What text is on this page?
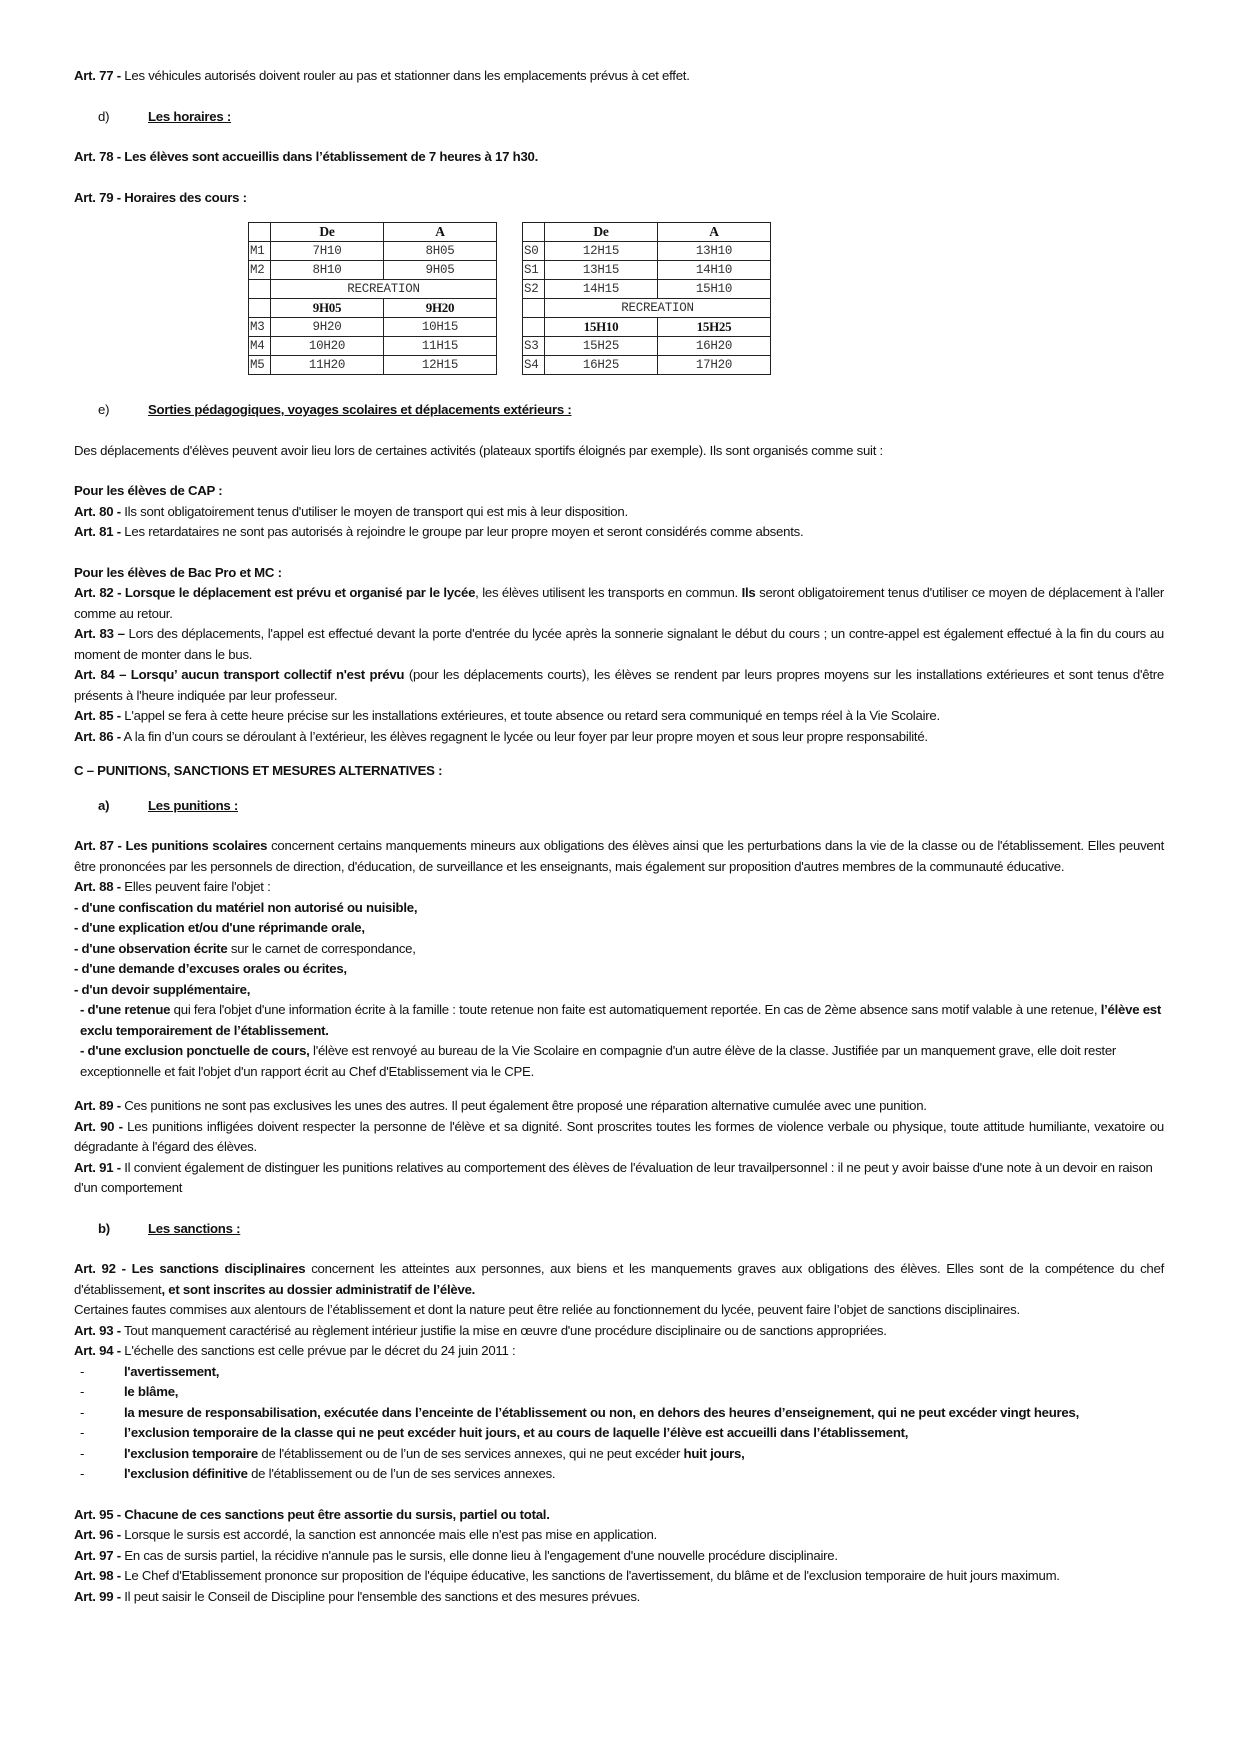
Art. 77 - Les véhicules autorisés doivent rouler au pas et stationner dans les emplacements prévus à cet effet.

d)	Les horaires :

Art. 78 - Les élèves sont accueillis dans l’établissement de 7 heures à 17 h30.

Art. 79 - Horaires des cours :

	De	A
M1	7H10	8H05
M2	8H10	9H05
	RECREATION	
	9H05	9H20
M3	9H20	10H15
M4	10H20	11H15
M5	11H20	12H15
	De	A
S0	12H15	13H10
S1	13H15	14H10
S2	14H15	15H10
	RECREATION	
	15H10	15H25
S3	15H25	16H20
S4	16H25	17H20

e)	Sorties pédagogiques, voyages scolaires et déplacements extérieurs :

Des déplacements d'élèves peuvent avoir lieu lors de certaines activités (plateaux sportifs éloignés par exemple). Ils sont organisés comme suit :

Pour les élèves de CAP :

Art. 80 - Ils sont obligatoirement tenus d'utiliser le moyen de transport qui est mis à leur disposition.

Art. 81 - Les retardataires ne sont pas autorisés à rejoindre le groupe par leur propre moyen et seront considérés comme absents.

Pour les élèves de Bac Pro et MC :

Art. 82 - Lorsque le déplacement est prévu et organisé par le lycée, les élèves utilisent les transports en commun. Ils seront obligatoirement tenus d'utiliser ce moyen de déplacement à l'aller comme au retour.

Art. 83 – Lors des déplacements, l'appel est effectué devant la porte d'entrée du lycée après la sonnerie signalant le début du cours ; un contre-appel est également effectué à la fin du cours au moment de monter dans le bus.

Art. 84 – Lorsqu’ aucun transport collectif n'est prévu (pour les déplacements courts), les élèves se rendent par leurs propres moyens sur les installations extérieures et sont tenus d'être présents à l'heure indiquée par leur professeur.

Art. 85 - L'appel se fera à cette heure précise sur les installations extérieures, et toute absence ou retard sera communiqué en temps réel à la Vie Scolaire.

Art. 86 - A la fin d’un cours se déroulant à l’extérieur, les élèves regagnent le lycée ou leur foyer par leur propre moyen et sous leur propre responsabilité.

C – PUNITIONS, SANCTIONS ET MESURES ALTERNATIVES :

a)	Les punitions :

Art. 87 - Les punitions scolaires concernent certains manquements mineurs aux obligations des élèves ainsi que les perturbations dans la vie de la classe ou de l'établissement. Elles peuvent être prononcées par les personnels de direction, d'éducation, de surveillance et les enseignants, mais également sur proposition d'autres membres de la communauté éducative.

Art. 88 - Elles peuvent faire l'objet :

- d'une confiscation du matériel non autorisé ou nuisible,
- d'une explication et/ou d'une réprimande orale,
- d'une observation écrite sur le carnet de correspondance,
- d'une demande d’excuses orales ou écrites,
- d'un devoir supplémentaire,

- d'une retenue qui fera l'objet d'une information écrite à la famille : toute retenue non faite est automatiquement reportée. En cas de 2ème absence sans motif valable à une retenue, l’élève est exclu temporairement de l’établissement.

- d'une exclusion ponctuelle de cours, l'élève est renvoyé au bureau de la Vie Scolaire en compagnie d'un autre élève de la classe. Justifiée par un manquement grave, elle doit rester exceptionnelle et fait l'objet d'un rapport écrit au Chef d'Etablissement via le CPE.

Art. 89 - Ces punitions ne sont pas exclusives les unes des autres. Il peut également être proposé une réparation alternative cumulée avec une punition.

Art. 90 - Les punitions infligées doivent respecter la personne de l'élève et sa dignité. Sont proscrites toutes les formes de violence verbale ou physique, toute attitude humiliante, vexatoire ou dégradante à l'égard des élèves.

Art. 91 - Il convient également de distinguer les punitions relatives au comportement des élèves de l'évaluation de leur travailpersonnel : il ne peut y avoir baisse d'une note à un devoir en raison d'un comportement

b)	Les sanctions :

Art. 92 - Les sanctions disciplinaires concernent les atteintes aux personnes, aux biens et les manquements graves aux obligations des élèves. Elles sont de la compétence du chef d'établissement, et sont inscrites au dossier administratif de l’élève.

Certaines fautes commises aux alentours de l’établissement et dont la nature peut être reliée au fonctionnement du lycée, peuvent faire l’objet de sanctions disciplinaires.

Art. 93 - Tout manquement caractérisé au règlement intérieur justifie la mise en œuvre d'une procédure disciplinaire ou de sanctions appropriées.

Art. 94 - L'échelle des sanctions est celle prévue par le décret du 24 juin 2011 :

-	l'avertissement,
-	le blâme,
-	la mesure de responsabilisation, exécutée dans l’enceinte de l’établissement ou non, en dehors des heures d’enseignement, qui ne peut excéder vingt heures,
-	l’exclusion temporaire de la classe qui ne peut excéder huit jours, et au cours de laquelle l’élève est accueilli dans l’établissement,
-	l'exclusion temporaire de l'établissement ou de l’un de ses services annexes, qui ne peut excéder huit jours,
-	l'exclusion définitive de l'établissement ou de l’un de ses services annexes.

Art. 95 - Chacune de ces sanctions peut être assortie du sursis, partiel ou total.

Art. 96 - Lorsque le sursis est accordé, la sanction est annoncée mais elle n'est pas mise en application.

Art. 97 - En cas de sursis partiel, la récidive n'annule pas le sursis, elle donne lieu à l'engagement d'une nouvelle procédure disciplinaire.

Art. 98 - Le Chef d'Etablissement prononce sur proposition de l'équipe éducative, les sanctions de l'avertissement, du blâme et de l'exclusion temporaire de huit jours maximum.

Art. 99 - Il peut saisir le Conseil de Discipline pour l'ensemble des sanctions et des mesures prévues.
